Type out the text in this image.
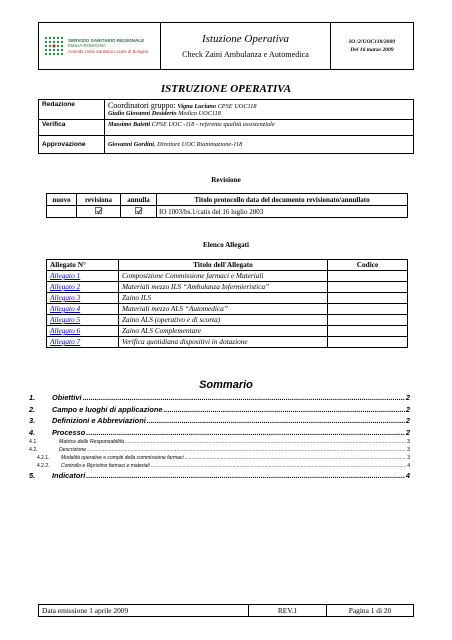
SERVIZIO SANITARIO REGIONALE
EMILIA-ROMAGNA
Azienda Unità Sanitaria Locale di Bologna

Istuzione Operativa
Check Zaini Ambulanza e Automedica

IO /2/UOC118/2009
Del 16 marzo 2009
ISTRUZIONE OPERATIVA
Redazione	Coordinatori gruppo: Vigna Luciano CPSE UOC118
Giulio Giovanni Desiderio Medico UOC118
Verifica	Massimo Baietti CPSE UOC -118 - referente qualità assistenziale
Approvazione	Giovanni Gordini, Direttore UOC Rianimazione-118
Revisione
nuovo	revisiona	annulla	Titolo protocollo data del documento revisionato/annullato
			IO 1003/bs.1/catis del 16 luglio 2003
Elenco Allegati
Allegato N°	Titolo dell'Allegato	Codice
Allegato 1	Composizione Commissione farmaci e Materiali	
Allegato 2	Materiali mezzo ILS “Ambulanza Infermieristica”	
Allegato 3	Zaino ILS	
Allegato 4	Materiali mezzo ALS “Automedica”	
Allegato 5	Zaino ALS (operativo e di scorta)	
Allegato 6	Zaino ALS Complementare	
Allegato 7	Verifica quotidiana dispositivi in dotazione	
Sommario
1.	Obiettivi .....	2
2.	Campo e luoghi di applicazione .....	2
3.	Definizioni e Abbreviazioni .....	2
4.	Processo .....	2
4.1.	Matrice delle Responsabilità .....	3
4.2.	Descrizione .....	3
4.2.1.	Modalità operative e compiti della commissione farmaci .....	3
4.2.2.	Controllo e Ripristino farmaci e materiali .....	4
5.	Indicatori .....	4
Data emissione 1 aprile 2009	REV.1	Pagina 1 di 20
